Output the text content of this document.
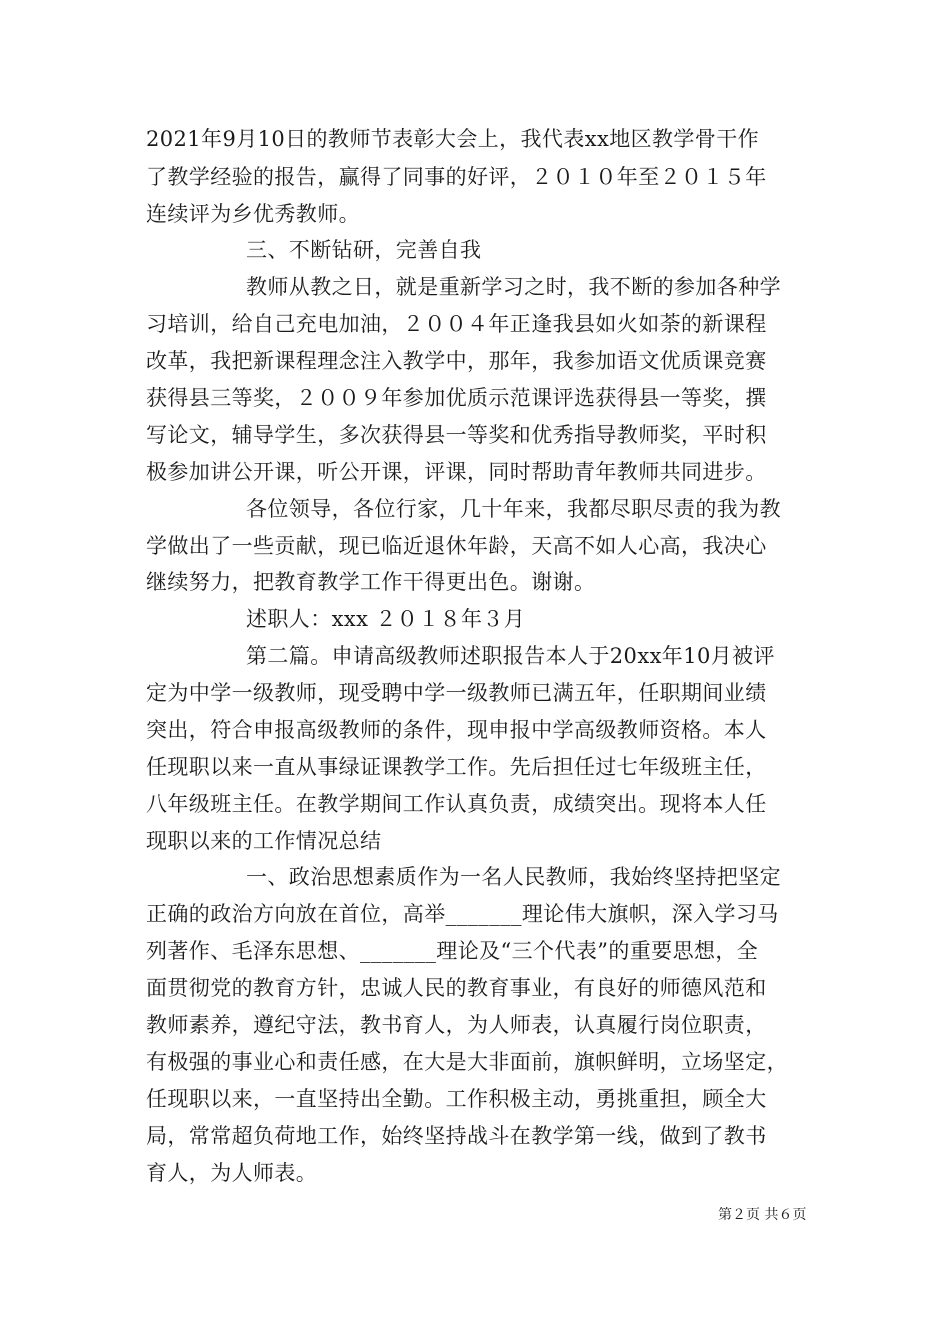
2021年9月10日的教师节表彰大会上，我代表xx地区教学骨干作
了教学经验的报告，赢得了同事的好评，２０１０年至２０１５年
连续评为乡优秀教师。
三、不断钻研，完善自我
教师从教之日，就是重新学习之时，我不断的参加各种学
习培训，给自己充电加油，２００４年正逢我县如火如荼的新课程
改革，我把新课程理念注入教学中，那年，我参加语文优质课竞赛
获得县三等奖，２００９年参加优质示范课评选获得县一等奖，撰
写论文，辅导学生，多次获得县一等奖和优秀指导教师奖，平时积
极参加讲公开课，听公开课，评课，同时帮助青年教师共同进步。
各位领导，各位行家，几十年来，我都尽职尽责的我为教
学做出了一些贡献，现已临近退休年龄，天高不如人心高，我决心
继续努力，把教育教学工作干得更出色。谢谢。
述职人：xxx ２０１８年３月
第二篇。申请高级教师述职报告本人于20xx年10月被评
定为中学一级教师，现受聘中学一级教师已满五年，任职期间业绩
突出，符合申报高级教师的条件，现申报中学高级教师资格。本人
任现职以来一直从事绿证课教学工作。先后担任过七年级班主任，
八年级班主任。在教学期间工作认真负责，成绩突出。现将本人任
现职以来的工作情况总结
一、政治思想素质作为一名人民教师，我始终坚持把坚定
正确的政治方向放在首位，高举_______理论伟大旗帜，深入学习马
列著作、毛泽东思想、_______理论及“三个代表”的重要思想，全
面贯彻党的教育方针，忠诚人民的教育事业，有良好的师德风范和
教师素养，遵纪守法，教书育人，为人师表，认真履行岗位职责，
有极强的事业心和责任感，在大是大非面前，旗帜鲜明，立场坚定，
任现职以来，一直坚持出全勤。工作积极主动，勇挑重担，顾全大
局，常常超负荷地工作，始终坚持战斗在教学第一线，做到了教书
育人，为人师表。
第２页 共６页
